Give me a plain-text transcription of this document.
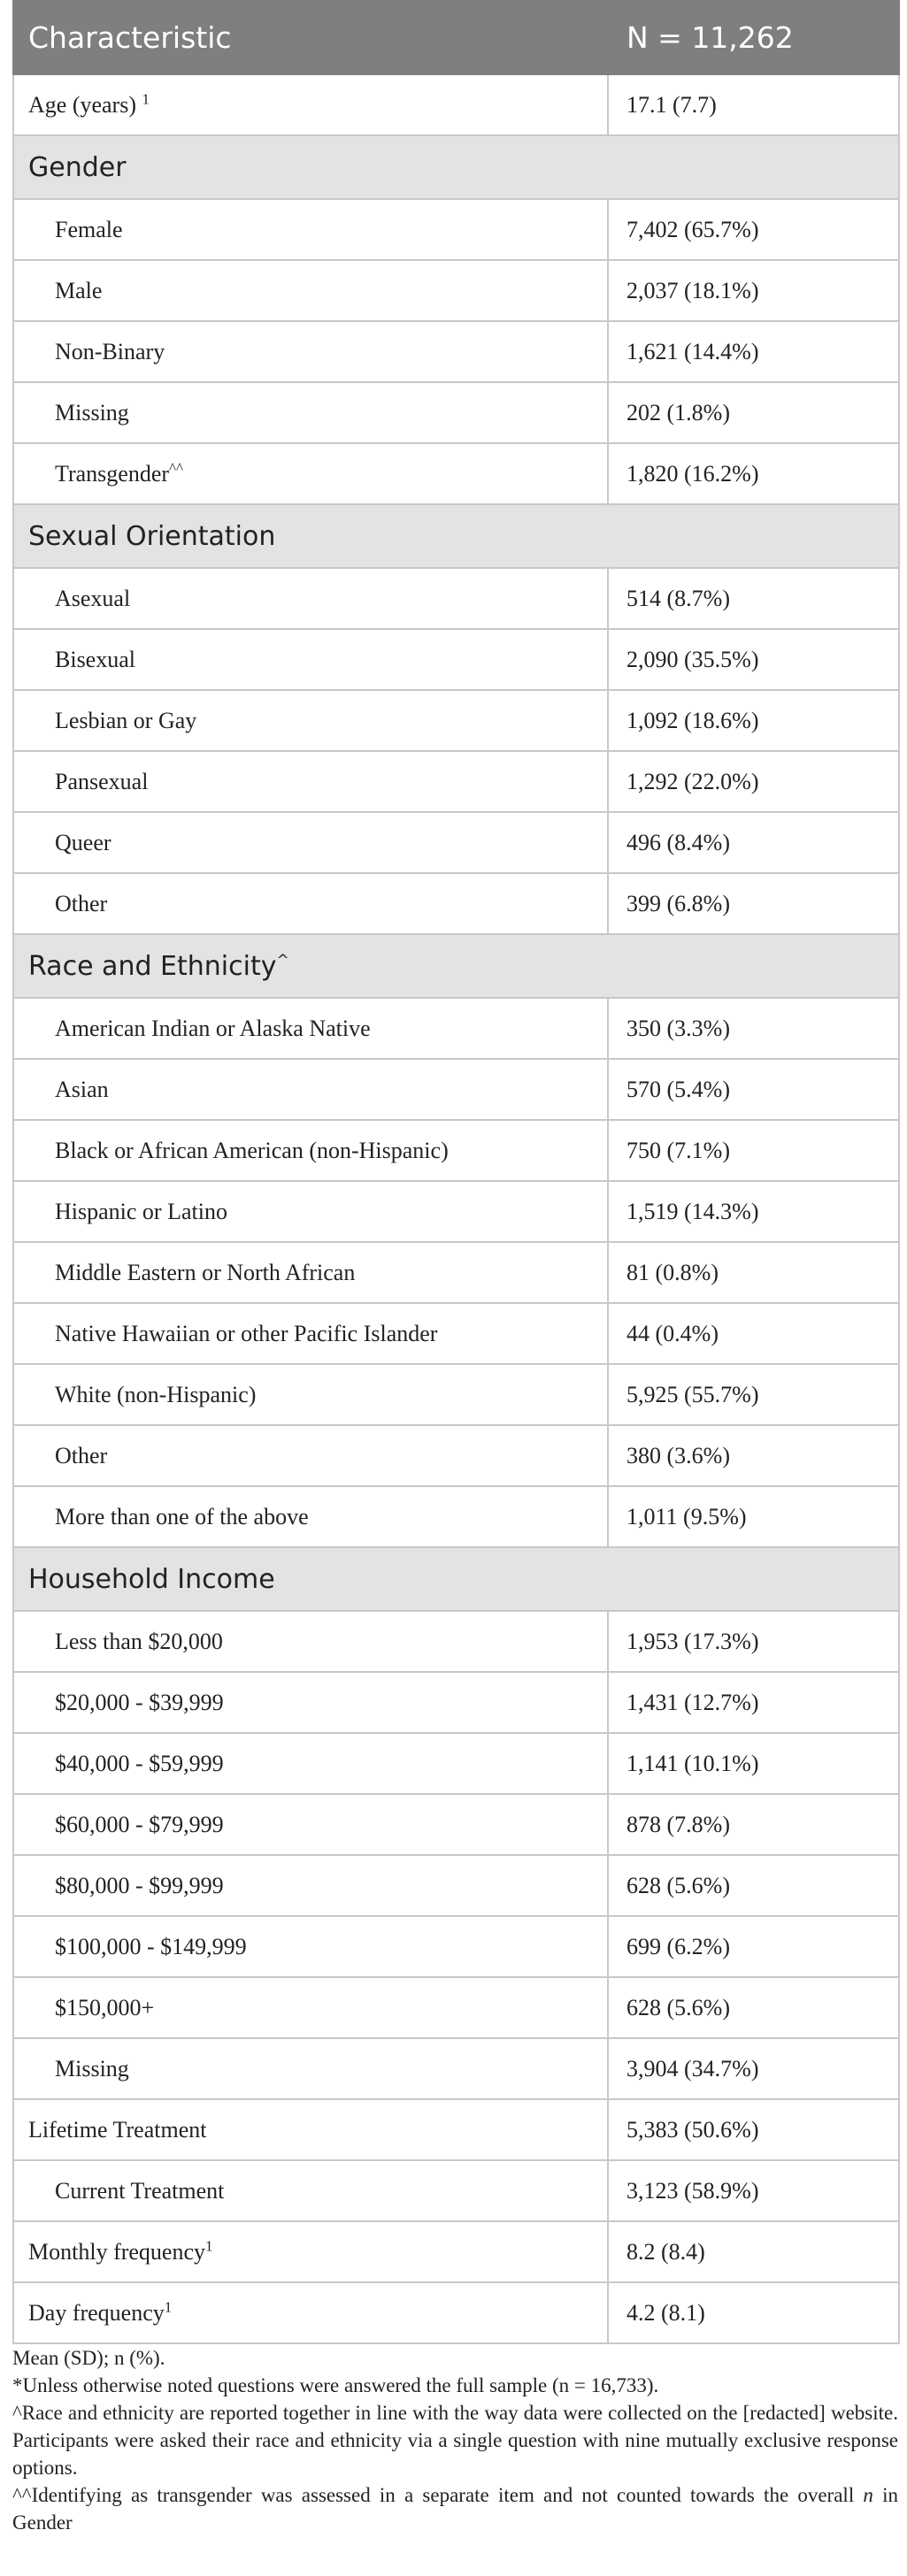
Characteristic	N = 11,262
Age (years) $^1$	17.1 (7.7)
Gender	
Female	7,402 (65.7%)
Male	2,037 (18.1%)
Non-Binary	1,621 (14.4%)
Missing	202 (1.8%)
Transgender^^	1,820 (16.2%)
Sexual Orientation	
Asexual	514 (8.7%)
Bisexual	2,090 (35.5%)
Lesbian or Gay	1,092 (18.6%)
Pansexual	1,292 (22.0%)
Queer	496 (8.4%)
Other	399 (6.8%)
Race and Ethnicity^
American Indian or Alaska Native	350 (3.3%)
Asian	570 (5.4%)
Black or African American (non-Hispanic)	750 (7.1%)
Hispanic or Latino	1,519 (14.3%)
Middle Eastern or North African	81 (0.8%)
Native Hawaiian or other Pacific Islander	44 (0.4%)
White (non-Hispanic)	5,925 (55.7%)
Other	380 (3.6%)
More than one of the above	1,011 (9.5%)
Household Income	
Less than $20,000	1,953 (17.3%)
$20,000 - $39,999	1,431 (12.7%)
$40,000 - $59,999	1,141 (10.1%)
$60,000 - $79,999	878 (7.8%)
$80,000 - $99,999	628 (5.6%)
$100,000 - $149,999	699 (6.2%)
$150,000+	628 (5.6%)
Missing	3,904 (34.7%)
Lifetime Treatment	5,383 (50.6%)
Current Treatment	3,123 (58.9%)
Monthly frequency$^1$	8.2 (8.4)
Day frequency$^1$	4.2 (8.1)

Mean (SD); n (%).

*Unless otherwise noted questions were answered the full sample (n = 16,733).

^Race and ethnicity are reported together in line with the way data were collected on the [redacted] website. Participants were asked their race and ethnicity via a single question with nine mutually exclusive response options.

^^Identifying as transgender was assessed in a separate item and not counted towards the overall n in Gender
